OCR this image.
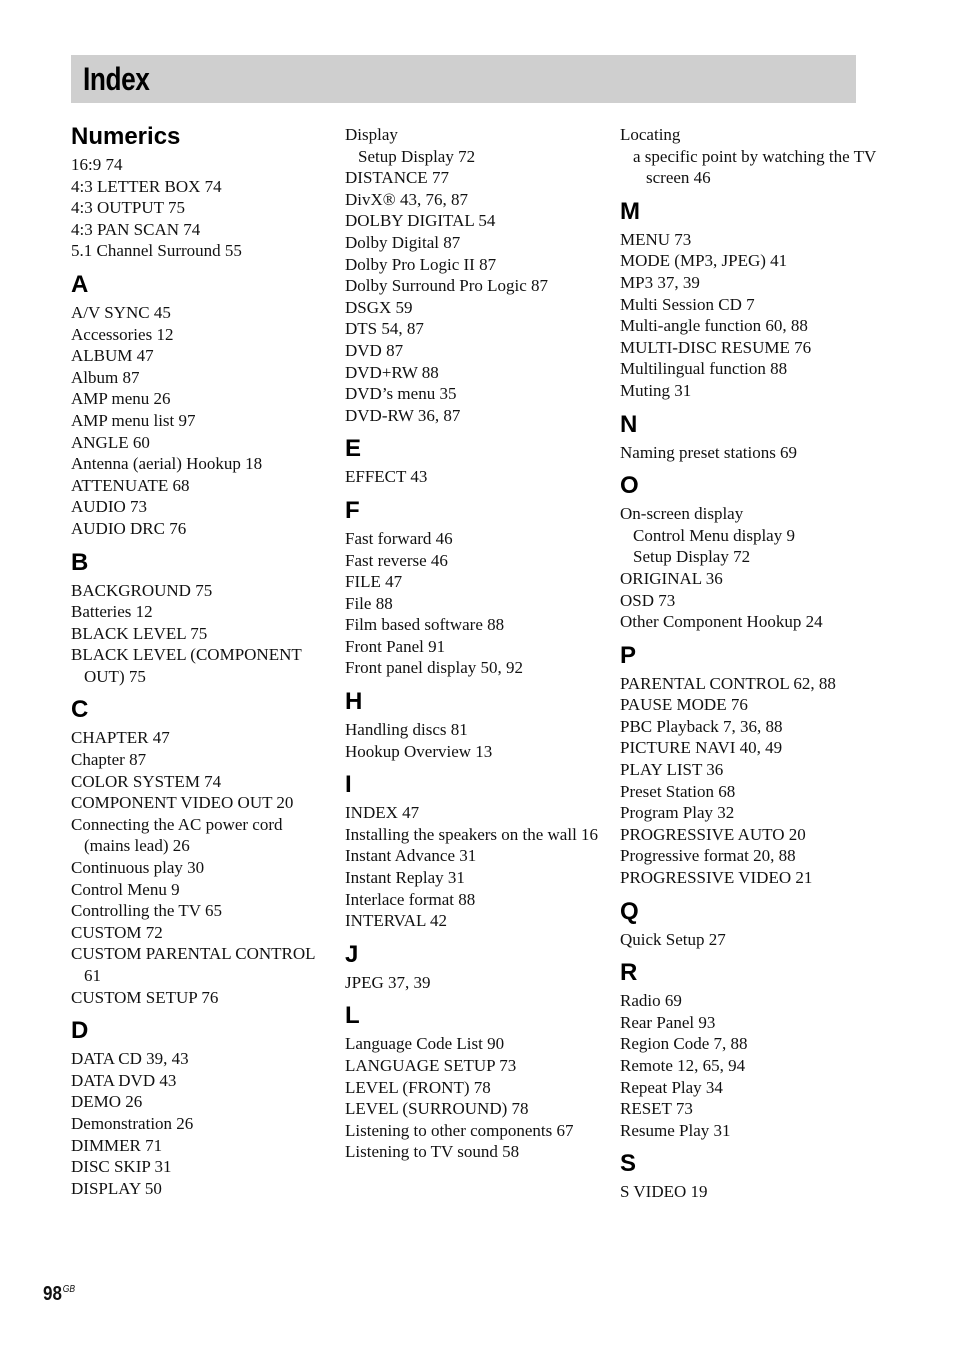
Index
Numerics
16:9 74
4:3 LETTER BOX 74
4:3 OUTPUT 75
4:3 PAN SCAN 74
5.1 Channel Surround 55
A
A/V SYNC 45
Accessories 12
ALBUM 47
Album 87
AMP menu 26
AMP menu list 97
ANGLE 60
Antenna (aerial) Hookup 18
ATTENUATE 68
AUDIO 73
AUDIO DRC 76
B
BACKGROUND 75
Batteries 12
BLACK LEVEL 75
BLACK LEVEL (COMPONENT OUT) 75
C
CHAPTER 47
Chapter 87
COLOR SYSTEM 74
COMPONENT VIDEO OUT 20
Connecting the AC power cord (mains lead) 26
Continuous play 30
Control Menu 9
Controlling the TV 65
CUSTOM 72
CUSTOM PARENTAL CONTROL 61
CUSTOM SETUP 76
D
DATA CD 39, 43
DATA DVD 43
DEMO 26
Demonstration 26
DIMMER 71
DISC SKIP 31
DISPLAY 50
Display
Setup Display 72
DISTANCE 77
DivX® 43, 76, 87
DOLBY DIGITAL 54
Dolby Digital 87
Dolby Pro Logic II 87
Dolby Surround Pro Logic 87
DSGX 59
DTS 54, 87
DVD 87
DVD+RW 88
DVD’s menu 35
DVD-RW 36, 87
E
EFFECT 43
F
Fast forward 46
Fast reverse 46
FILE 47
File 88
Film based software 88
Front Panel 91
Front panel display 50, 92
H
Handling discs 81
Hookup Overview 13
I
INDEX 47
Installing the speakers on the wall 16
Instant Advance 31
Instant Replay 31
Interlace format 88
INTERVAL 42
J
JPEG 37, 39
L
Language Code List 90
LANGUAGE SETUP 73
LEVEL (FRONT) 78
LEVEL (SURROUND) 78
Listening to other components 67
Listening to TV sound 58
Locating
a specific point by watching the TV screen 46
M
MENU 73
MODE (MP3, JPEG) 41
MP3 37, 39
Multi Session CD 7
Multi-angle function 60, 88
MULTI-DISC RESUME 76
Multilingual function 88
Muting 31
N
Naming preset stations 69
O
On-screen display
Control Menu display 9
Setup Display 72
ORIGINAL 36
OSD 73
Other Component Hookup 24
P
PARENTAL CONTROL 62, 88
PAUSE MODE 76
PBC Playback 7, 36, 88
PICTURE NAVI 40, 49
PLAY LIST 36
Preset Station 68
Program Play 32
PROGRESSIVE AUTO 20
Progressive format 20, 88
PROGRESSIVE VIDEO 21
Q
Quick Setup 27
R
Radio 69
Rear Panel 93
Region Code 7, 88
Remote 12, 65, 94
Repeat Play 34
RESET 73
Resume Play 31
S
S VIDEO 19
$98^{GB}$
